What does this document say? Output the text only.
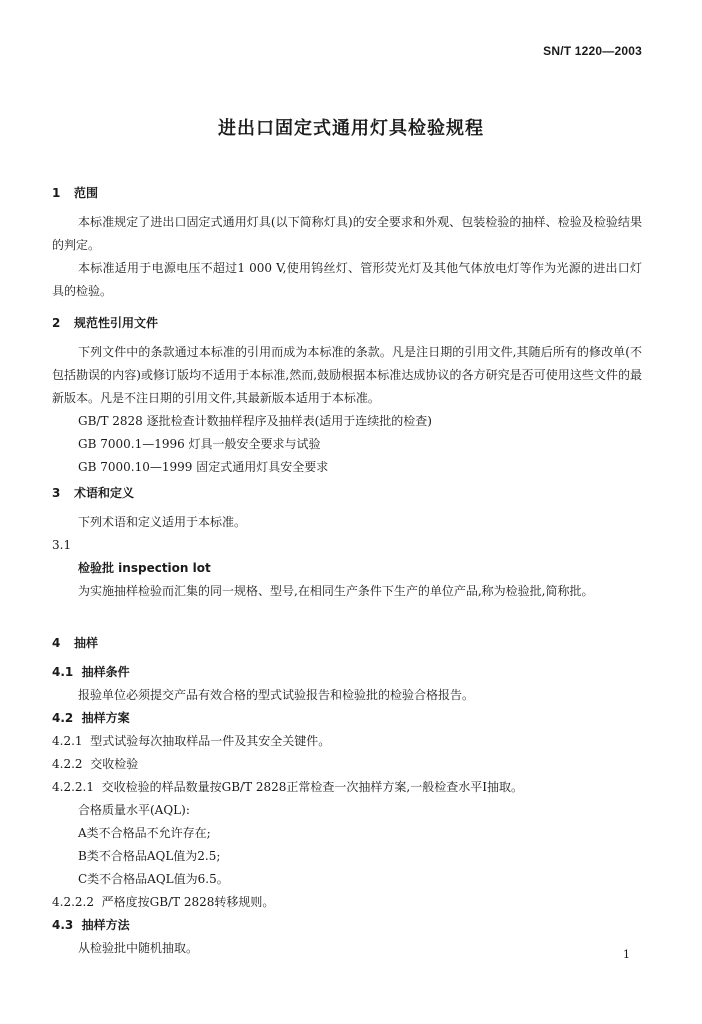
SN/T 1220—2003
进出口固定式通用灯具检验规程
1 范围
本标准规定了进出口固定式通用灯具(以下简称灯具)的安全要求和外观、包装检验的抽样、检验及检验结果的判定。
本标准适用于电源电压不超过1 000 V,使用钨丝灯、管形荧光灯及其他气体放电灯等作为光源的进出口灯具的检验。
2 规范性引用文件
下列文件中的条款通过本标准的引用而成为本标准的条款。凡是注日期的引用文件,其随后所有的修改单(不包括勘误的内容)或修订版均不适用于本标准,然而,鼓励根据本标准达成协议的各方研究是否可使用这些文件的最新版本。凡是不注日期的引用文件,其最新版本适用于本标准。
GB/T 2828 逐批检查计数抽样程序及抽样表(适用于连续批的检查)
GB 7000.1—1996 灯具一般安全要求与试验
GB 7000.10—1999 固定式通用灯具安全要求
3 术语和定义
下列术语和定义适用于本标准。
3.1
检验批 inspection lot
为实施抽样检验而汇集的同一规格、型号,在相同生产条件下生产的单位产品,称为检验批,简称批。
4 抽样
4.1 抽样条件
报验单位必须提交产品有效合格的型式试验报告和检验批的检验合格报告。
4.2 抽样方案
4.2.1 型式试验每次抽取样品一件及其安全关键件。
4.2.2 交收检验
4.2.2.1 交收检验的样品数量按GB/T 2828正常检查一次抽样方案,一般检查水平Ⅰ抽取。
合格质量水平(AQL):
A类不合格品不允许存在;
B类不合格品AQL值为2.5;
C类不合格品AQL值为6.5。
4.2.2.2 严格度按GB/T 2828转移规则。
4.3 抽样方法
从检验批中随机抽取。	1
